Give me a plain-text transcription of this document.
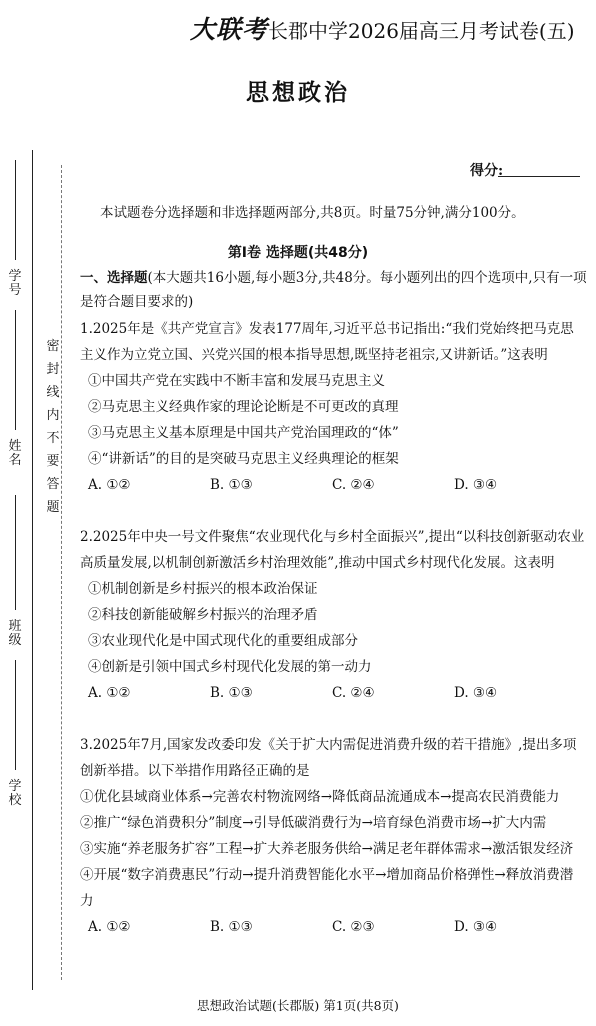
学 号
姓 名
班 级
学 校
密 封 线 内 不 要 答 题
大联考长郡中学2026届高三月考试卷(五)
思想政治
得分:
本试题卷分选择题和非选择题两部分,共8页。时量75分钟,满分100分。
第Ⅰ卷 选择题(共48分)
一、选择题(本大题共16小题,每小题3分,共48分。每小题列出的四个选项中,只有一项是符合题目要求的)

1.2025年是《共产党宣言》发表177周年,习近平总书记指出:“我们党始终把马克思主义作为立党立国、兴党兴国的根本指导思想,既坚持老祖宗,又讲新话。”这表明

①中国共产党在实践中不断丰富和发展马克思主义

②马克思主义经典作家的理论论断是不可更改的真理

③马克思主义基本原理是中国共产党治国理政的“体”

④“讲新话”的目的是突破马克思主义经典理论的框架

A. ①②	B. ①③	C. ②④	D. ③④

2.2025年中央一号文件聚焦“农业现代化与乡村全面振兴”,提出“以科技创新驱动农业高质量发展,以机制创新激活乡村治理效能”,推动中国式乡村现代化发展。这表明

①机制创新是乡村振兴的根本政治保证

②科技创新能破解乡村振兴的治理矛盾

③农业现代化是中国式现代化的重要组成部分

④创新是引领中国式乡村现代化发展的第一动力

A. ①②	B. ①③	C. ②④	D. ③④

3.2025年7月,国家发改委印发《关于扩大内需促进消费升级的若干措施》,提出多项创新举措。以下举措作用路径正确的是

①优化县域商业体系→完善农村物流网络→降低商品流通成本→提高农民消费能力

②推广“绿色消费积分”制度→引导低碳消费行为→培育绿色消费市场→扩大内需

③实施“养老服务扩容”工程→扩大养老服务供给→满足老年群体需求→激活银发经济

④开展“数字消费惠民”行动→提升消费智能化水平→增加商品价格弹性→释放消费潜力

A. ①②	B. ①③	C. ②③	D. ③④
思想政治试题(长郡版) 第1页(共8页)
